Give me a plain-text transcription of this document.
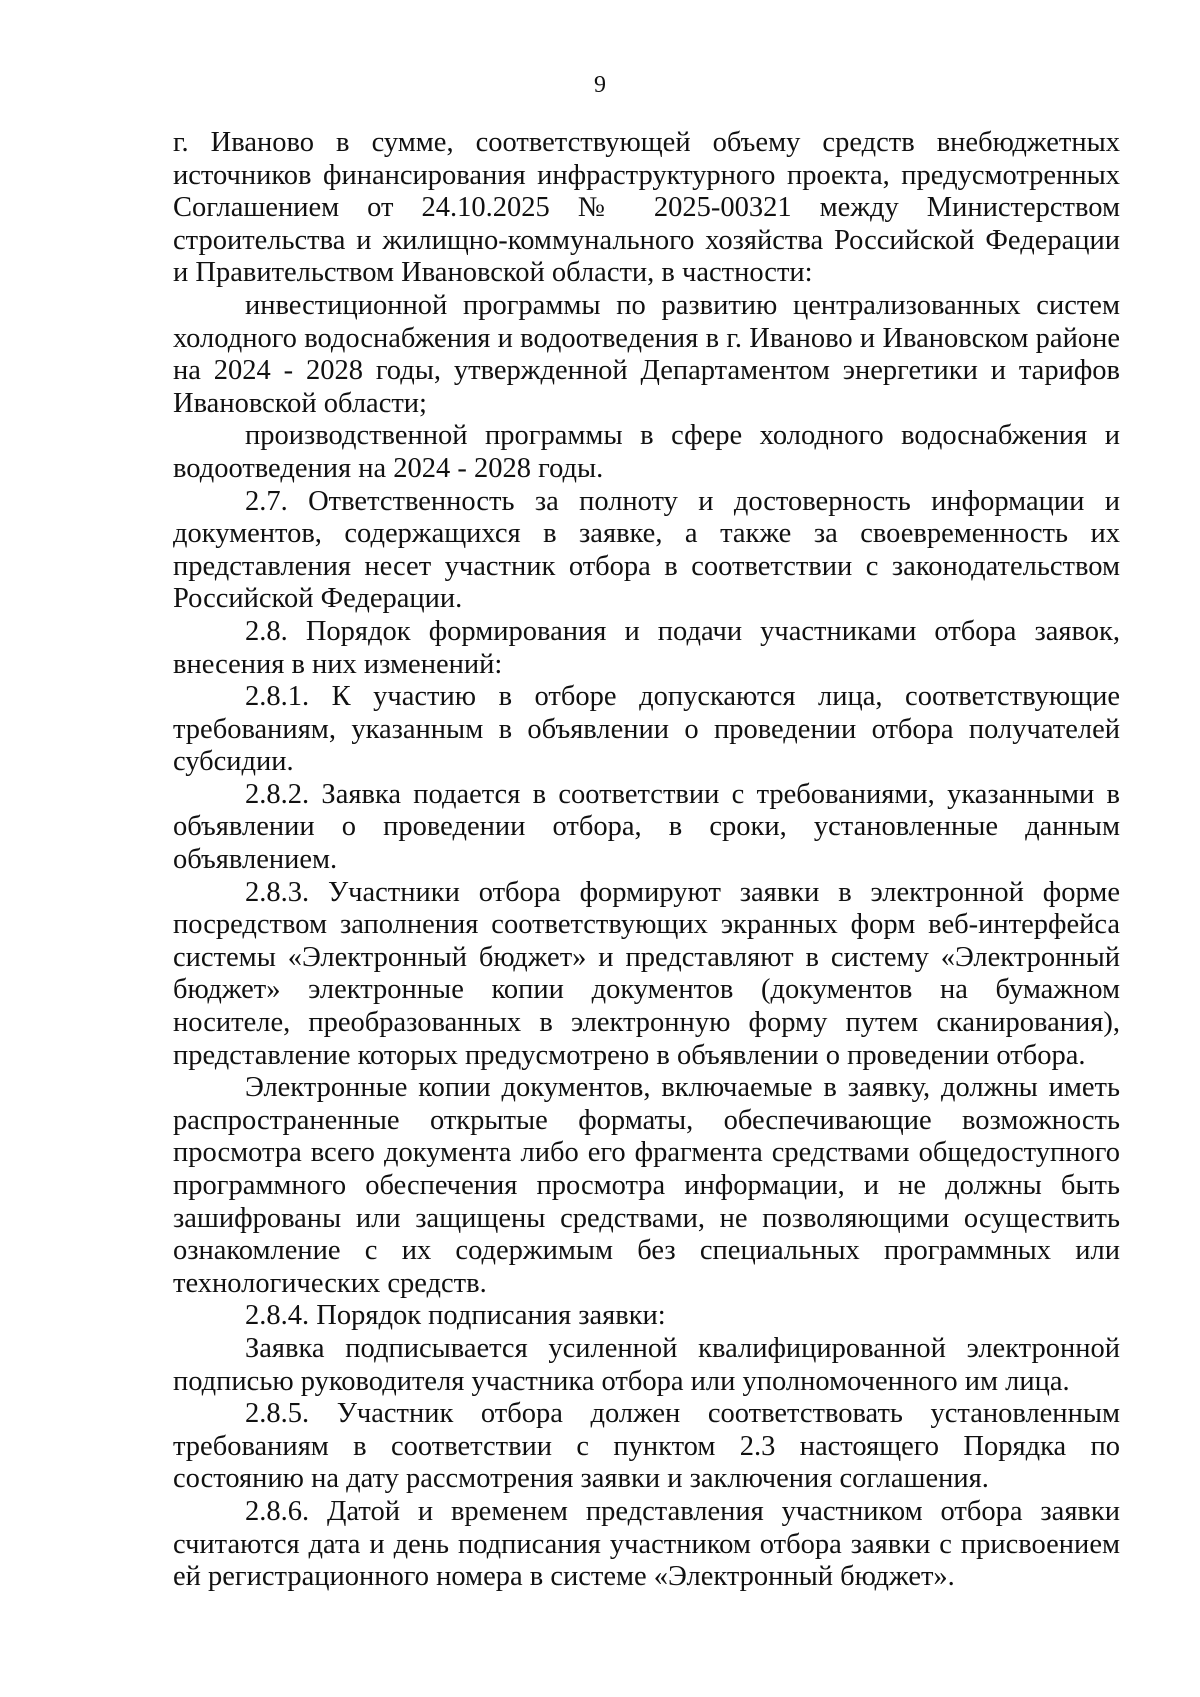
9

г. Иваново в сумме, соответствующей объему средств внебюджетных источников финансирования инфраструктурного проекта, предусмотренных Соглашением от 24.10.2025 № 2025-00321 между Министерством строительства и жилищно-коммунального хозяйства Российской Федерации и Правительством Ивановской области, в частности:

инвестиционной программы по развитию централизованных систем холодного водоснабжения и водоотведения в г. Иваново и Ивановском районе на 2024 - 2028 годы, утвержденной Департаментом энергетики и тарифов Ивановской области;

производственной программы в сфере холодного водоснабжения и водоотведения на 2024 - 2028 годы.

2.7. Ответственность за полноту и достоверность информации и документов, содержащихся в заявке, а также за своевременность их представления несет участник отбора в соответствии с законодательством Российской Федерации.

2.8. Порядок формирования и подачи участниками отбора заявок, внесения в них изменений:

2.8.1. К участию в отборе допускаются лица, соответствующие требованиям, указанным в объявлении о проведении отбора получателей субсидии.

2.8.2. Заявка подается в соответствии с требованиями, указанными в объявлении о проведении отбора, в сроки, установленные данным объявлением.

2.8.3. Участники отбора формируют заявки в электронной форме посредством заполнения соответствующих экранных форм веб-интерфейса системы «Электронный бюджет» и представляют в систему «Электронный бюджет» электронные копии документов (документов на бумажном носителе, преобразованных в электронную форму путем сканирования), представление которых предусмотрено в объявлении о проведении отбора.

Электронные копии документов, включаемые в заявку, должны иметь распространенные открытые форматы, обеспечивающие возможность просмотра всего документа либо его фрагмента средствами общедоступного программного обеспечения просмотра информации, и не должны быть зашифрованы или защищены средствами, не позволяющими осуществить ознакомление с их содержимым без специальных программных или технологических средств.

2.8.4. Порядок подписания заявки:

Заявка подписывается усиленной квалифицированной электронной подписью руководителя участника отбора или уполномоченного им лица.

2.8.5. Участник отбора должен соответствовать установленным требованиям в соответствии с пунктом 2.3 настоящего Порядка по состоянию на дату рассмотрения заявки и заключения соглашения.

2.8.6. Датой и временем представления участником отбора заявки считаются дата и день подписания участником отбора заявки с присвоением ей регистрационного номера в системе «Электронный бюджет».
